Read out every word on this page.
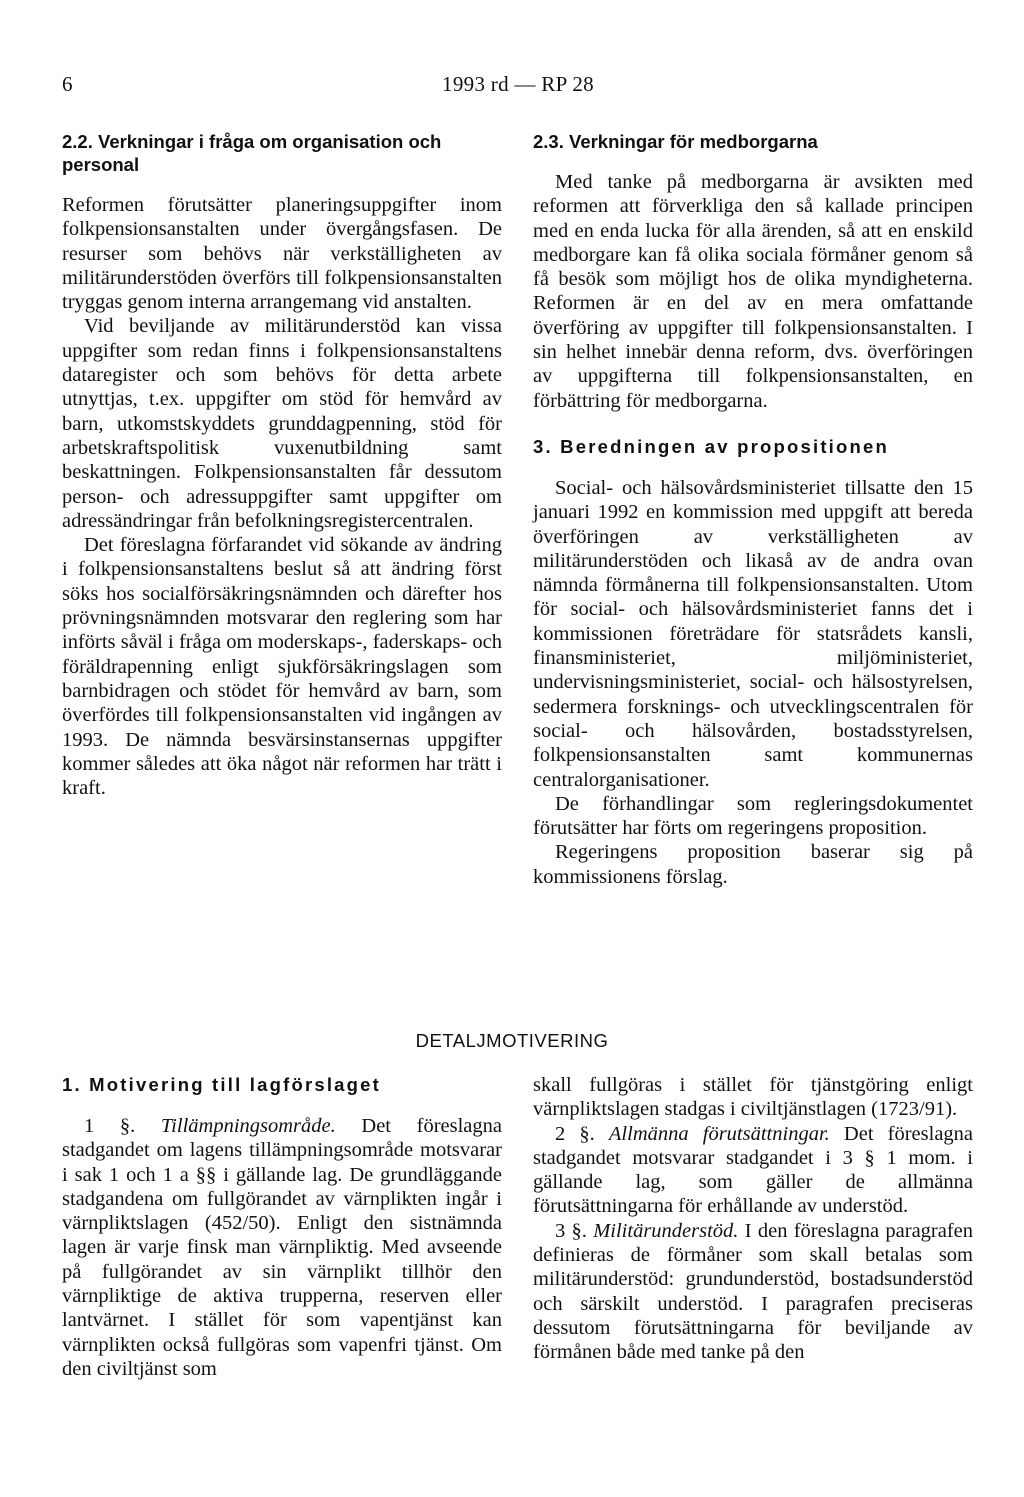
6	1993 rd — RP 28
2.2. Verkningar i fråga om organisation och personal

Reformen förutsätter planeringsuppgifter inom folkpensionsanstalten under övergångsfasen. De resurser som behövs när verkställigheten av militärunderstöden överförs till folkpensionsanstalten tryggas genom interna arrangemang vid anstalten.

Vid beviljande av militärunderstöd kan vissa uppgifter som redan finns i folkpensionsanstaltens dataregister och som behövs för detta arbete utnyttjas, t.ex. uppgifter om stöd för hemvård av barn, utkomstskyddets grunddagpenning, stöd för arbetskraftspolitisk vuxenutbildning samt beskattningen. Folkpensionsanstalten får dessutom person- och adressuppgifter samt uppgifter om adressändringar från befolkningsregistercentralen.

Det föreslagna förfarandet vid sökande av ändring i folkpensionsanstaltens beslut så att ändring först söks hos socialförsäkringsnämnden och därefter hos prövningsnämnden motsvarar den reglering som har införts såväl i fråga om moderskaps-, faderskaps- och föräldrapenning enligt sjukförsäkringslagen som barnbidragen och stödet för hemvård av barn, som överfördes till folkpensionsanstalten vid ingången av 1993. De nämnda besvärsinstansernas uppgifter kommer således att öka något när reformen har trätt i kraft.

2.3. Verkningar för medborgarna

Med tanke på medborgarna är avsikten med reformen att förverkliga den så kallade principen med en enda lucka för alla ärenden, så att en enskild medborgare kan få olika sociala förmåner genom så få besök som möjligt hos de olika myndigheterna. Reformen är en del av en mera omfattande överföring av uppgifter till folkpensionsanstalten. I sin helhet innebär denna reform, dvs. överföringen av uppgifterna till folkpensionsanstalten, en förbättring för medborgarna.

3. Beredningen av propositionen

Social- och hälsovårdsministeriet tillsatte den 15 januari 1992 en kommission med uppgift att bereda överföringen av verkställigheten av militärunderstöden och likaså av de andra ovan nämnda förmånerna till folkpensionsanstalten. Utom för social- och hälsovårdsministeriet fanns det i kommissionen företrädare för statsrådets kansli, finansministeriet, miljöministeriet, undervisningsministeriet, social- och hälsostyrelsen, sedermera forsknings- och utvecklingscentralen för social- och hälsovården, bostadsstyrelsen, folkpensionsanstalten samt kommunernas centralorganisationer.

De förhandlingar som regleringsdokumentet förutsätter har förts om regeringens proposition.

Regeringens proposition baserar sig på kommissionens förslag.

DETALJMOTIVERING
1. Motivering till lagförslaget

1 §. Tillämpningsområde. Det föreslagna stadgandet om lagens tillämpningsområde motsvarar i sak 1 och 1 a §§ i gällande lag. De grundläggande stadgandena om fullgörandet av värnplikten ingår i värnpliktslagen (452/50). Enligt den sistnämnda lagen är varje finsk man värnpliktig. Med avseende på fullgörandet av sin värnplikt tillhör den värnpliktige de aktiva trupperna, reserven eller lantvärnet. I stället för som vapentjänst kan värnplikten också fullgöras som vapenfri tjänst. Om den civiltjänst som

skall fullgöras i stället för tjänstgöring enligt värnpliktslagen stadgas i civiltjänstlagen (1723/91).

2 §. Allmänna förutsättningar. Det föreslagna stadgandet motsvarar stadgandet i 3 § 1 mom. i gällande lag, som gäller de allmänna förutsättningarna för erhållande av understöd.

3 §. Militärunderstöd. I den föreslagna paragrafen definieras de förmåner som skall betalas som militärunderstöd: grundunderstöd, bostadsunderstöd och särskilt understöd. I paragrafen preciseras dessutom förutsättningarna för beviljande av förmånen både med tanke på den
